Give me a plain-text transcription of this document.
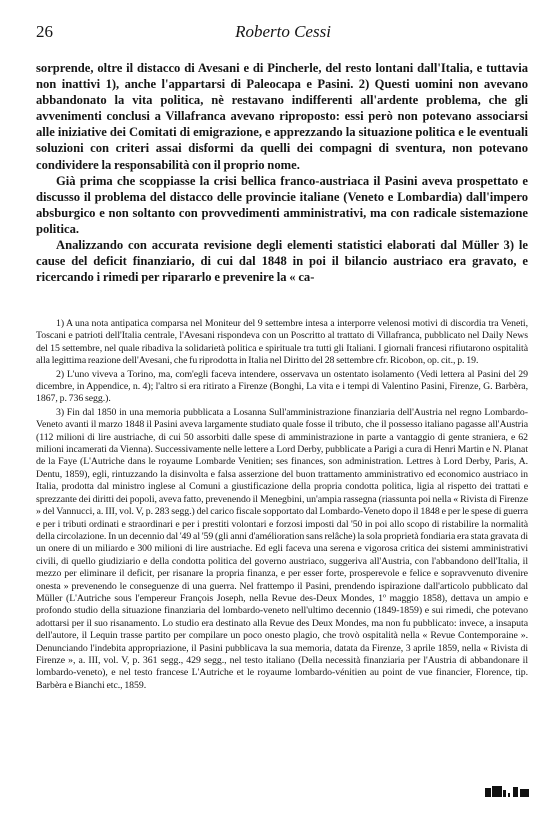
26	Roberto Cessi

sorprende, oltre il distacco di Avesani e di Pincherle, del resto lontani dall'Italia, e tuttavia non inattivi 1), anche l'appartarsi di Paleocapa e Pasini. 2) Questi uomini non avevano abbandonato la vita politica, nè restavano indifferenti all'ardente problema, che gli avvenimenti conclusi a Villafranca avevano riproposto: essi però non potevano associarsi alle iniziative dei Comitati di emigrazione, e apprezzando la situazione politica e le eventuali soluzioni con criteri assai disformi da quelli dei compagni di sventura, non potevano condividere la responsabilità con il proprio nome.

Già prima che scoppiasse la crisi bellica franco-austriaca il Pasini aveva prospettato e discusso il problema del distacco delle provincie italiane (Veneto e Lombardia) dall'impero absburgico e non soltanto con provvedimenti amministrativi, ma con radicale sistemazione politica.

Analizzando con accurata revisione degli elementi statistici elaborati dal Müller 3) le cause del deficit finanziario, di cui dal 1848 in poi il bilancio austriaco era gravato, e ricercando i rimedi per ripararlo e prevenire la « ca-

1) A una nota antipatica comparsa nel Moniteur del 9 settembre intesa a interporre velenosi motivi di discordia tra Veneti, Toscani e patrioti dell'Italia centrale, l'Avesani rispondeva con un Poscritto al trattato di Villafranca, pubblicato nel Daily News del 15 settembre, nel quale ribadiva la solidarietà politica e spirituale tra tutti gli Italiani. I giornali francesi rifiutarono ospitalità alla legittima reazione dell'Avesani, che fu riprodotta in Italia nel Diritto del 28 settembre cfr. Ricobon, op. cit., p. 19.

2) L'uno viveva a Torino, ma, com'egli faceva intendere, osservava un ostentato isolamento (Vedi lettera al Pasini del 29 dicembre, in Appendice, n. 4); l'altro si era ritirato a Firenze (Bonghi, La vita e i tempi di Valentino Pasini, Firenze, G. Barbèra, 1867, p. 736 segg.).

3) Fin dal 1850 in una memoria pubblicata a Losanna Sull'amministrazione finanziaria dell'Austria nel regno Lombardo-Veneto avanti il marzo 1848 il Pasini aveva largamente studiato quale fosse il tributo, che il possesso italiano pagasse all'Austria (112 milioni di lire austriache, di cui 50 assorbiti dalle spese di amministrazione in parte a vantaggio di gente straniera, e 62 milioni incamerati da Vienna). Successivamente nelle lettere a Lord Derby, pubblicate a Parigi a cura di Henri Martin e N. Planat de la Faye (L'Autriche dans le royaume Lombarde Venitien; ses finances, son administration. Lettres à Lord Derby, Paris, A. Dentu, 1859), egli, rintuzzando la disinvolta e falsa asserzione del buon trattamento amministrativo ed economico austriaco in Italia, prodotta dal ministro inglese al Comuni a giustificazione della propria condotta politica, ligia al rispetto dei trattati e sprezzante dei diritti dei popoli, aveva fatto, prevenendo il Menegbini, un'ampia rassegna (riassunta poi nella « Rivista di Firenze » del Vannucci, a. III, vol. V, p. 283 segg.) del carico fiscale sopportato dal Lombardo-Veneto dopo il 1848 e per le spese di guerra e per i tributi ordinati e straordinari e per i prestiti volontari e forzosi imposti dal '50 in poi allo scopo di ristabilire la normalità della circolazione. In un decennio dal '49 al '59 (gli anni d'amélioration sans relâche) la sola proprietà fondiaria era stata gravata di un onere di un miliardo e 300 milioni di lire austriache. Ed egli faceva una serena e vigorosa critica dei sistemi amministrativi civili, di quello giudiziario e della condotta politica del governo austriaco, suggeriva all'Austria, con l'abbandono dell'Italia, il mezzo per eliminare il deficit, per risanare la propria finanza, e per esser forte, prosperevole e felice e sopravvenuto divenire onesta » prevenendo le conseguenze di una guerra. Nel frattempo il Pasini, prendendo ispirazione dall'articolo pubblicato dal Müller (L'Autriche sous l'empereur François Joseph, nella Revue des-Deux Mondes, 1º maggio 1858), dettava un ampio e profondo studio della situazione finanziaria del lombardo-veneto nell'ultimo decennio (1849-1859) e sui rimedi, che potevano adottarsi per il suo risanamento. Lo studio era destinato alla Revue des Deux Mondes, ma non fu pubblicato: invece, a insaputa dell'autore, il Lequin trasse partito per compilare un poco onesto plagio, che trovò ospitalità nella « Revue Contemporaine ». Denunciando l'indebita appropriazione, il Pasini pubblicava la sua memoria, datata da Firenze, 3 aprile 1859, nella « Rivista di Firenze », a. III, vol. V, p. 361 segg., 429 segg., nel testo italiano (Della necessità finanziaria per l'Austria di abbandonare il lombardo-veneto), e nel testo francese L'Autriche et le royaume lombardo-vénitien au point de vue financier, Florence, tip. Barbèra e Bianchi etc., 1859.
